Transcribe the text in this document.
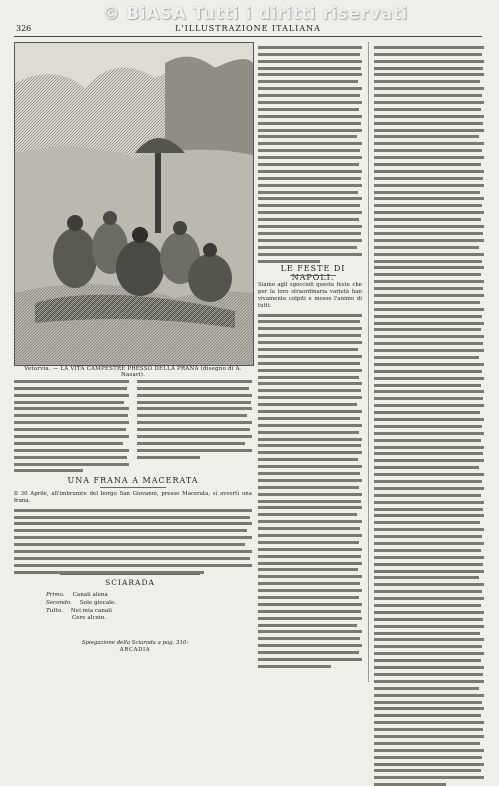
© BiASA Tutti i diritti riservati
326	L'ILLUSTRAZIONE ITALIANA
Vetorvia. — LA VITA CAMPESTRE PRESSO DELLA PRANA (disegno di A. Nasari).
UNA FRANA A MACERATA
Il 30 Aprile, all'imbrunire del borgo San Giovanni, presso Macerata, si avvertì una frana.
SCIARADA
Primo. Canali alena
Secondo. Sole giocale.
Tutto. Nei mia canali
Cere alcein.
Spiegazione della Sciarada a pag. 310:
ARCADIA
LE FESTE DI NAPOLI.
Siamo agli sgoccioli queste feste che per la loro straordinaria varietà han vivamente colpiti e mosso l'animo di tutti.
